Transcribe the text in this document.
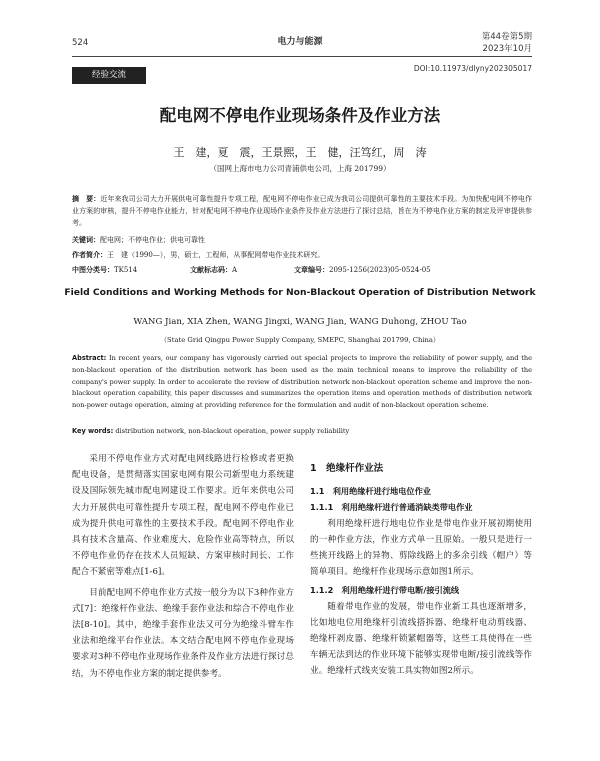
524	电力与能源	第44卷第5期
2023年10月
经验交流
DOI:10.11973/dlyny202305017
配电网不停电作业现场条件及作业方法
王　建，夏　震，王景熙，王　健，汪笃红，周　涛
（国网上海市电力公司青浦供电公司，上海 201799）
摘　要：近年来我司公司大力开展供电可靠性提升专项工程，配电网不停电作业已成为我司公司提供可靠性的主要技术手段。为加快配电网不停电作业方案的审核，提升不停电作业能力，针对配电网不停电作业现场作业条件及作业方法进行了探讨总结，旨在为不停电作业方案的制定及评审提供参考。
关键词：配电网；不停电作业；供电可靠性
作者简介：王　建（1990—），男，硕士，工程师，从事配网带电作业技术研究。
中图分类号：TK514	文献标志码：A	文章编号：2095-1256(2023)05-0524-05
Field Conditions and Working Methods for Non-Blackout Operation of Distribution Network
WANG Jian, XIA Zhen, WANG Jingxi, WANG Jian, WANG Duhong, ZHOU Tao
（State Grid Qingpu Power Supply Company, SMEPC, Shanghai 201799, China）
Abstract: In recent years, our company has vigorously carried out special projects to improve the reliability of power supply, and the non-blackout operation of the distribution network has been used as the main technical means to improve the reliability of the company's power supply. In order to accelerate the review of distribution network non-blackout operation scheme and improve the non-blackout operation capability, this paper discusses and summarizes the operation items and operation methods of distribution network non-power outage operation, aiming at providing reference for the formulation and audit of non-blackout operation scheme.
Key words: distribution network, non-blackout operation, power supply reliability

采用不停电作业方式对配电网线路进行检修或者更换配电设备，是贯彻落实国家电网有限公司新型电力系统建设及国际领先城市配电网建设工作要求。近年来供电公司大力开展供电可靠性提升专项工程，配电网不停电作业已成为提升供电可靠性的主要技术手段。配电网不停电作业具有技术含量高、作业难度大、危险作业高等特点，所以不停电作业仍存在技术人员短缺、方案审核时间长、工作配合不紧密等难点[1-6]。

目前配电网不停电作业方式按一般分为以下3种作业方式[7]：绝缘杆作业法、绝缘手套作业法和综合不停电作业法[8-10]。其中，绝缘手套作业法又可分为绝缘斗臂车作业法和绝缘平台作业法。本文结合配电网不停电作业现场要求对3种不停电作业现场作业条件及作业方法进行探讨总结，为不停电作业方案的制定提供参考。

1　绝缘杆作业法
1.1　利用绝缘杆进行地电位作业
1.1.1　利用绝缘杆进行普通消缺类带电作业

利用绝缘杆进行地电位作业是带电作业开展初期使用的一种作业方法，作业方式单一且原始。一般只是进行一些挑开线路上的异物、剪除线路上的多余引线（帽户）等简单项目。绝缘杆作业现场示意如图1所示。

1.1.2　利用绝缘杆进行带电断/接引流线

随着带电作业的发展，带电作业新工具也逐渐增多，比如地电位用绝缘杆引流线搭拆器、绝缘杆电动剪线器、绝缘杆剥皮器、绝缘杆锁紧帽器等，这些工具使得在一些车辆无法到达的作业环境下能够实现带电断/接引流线等作业。绝缘杆式线夹安装工具实物如图2所示。
